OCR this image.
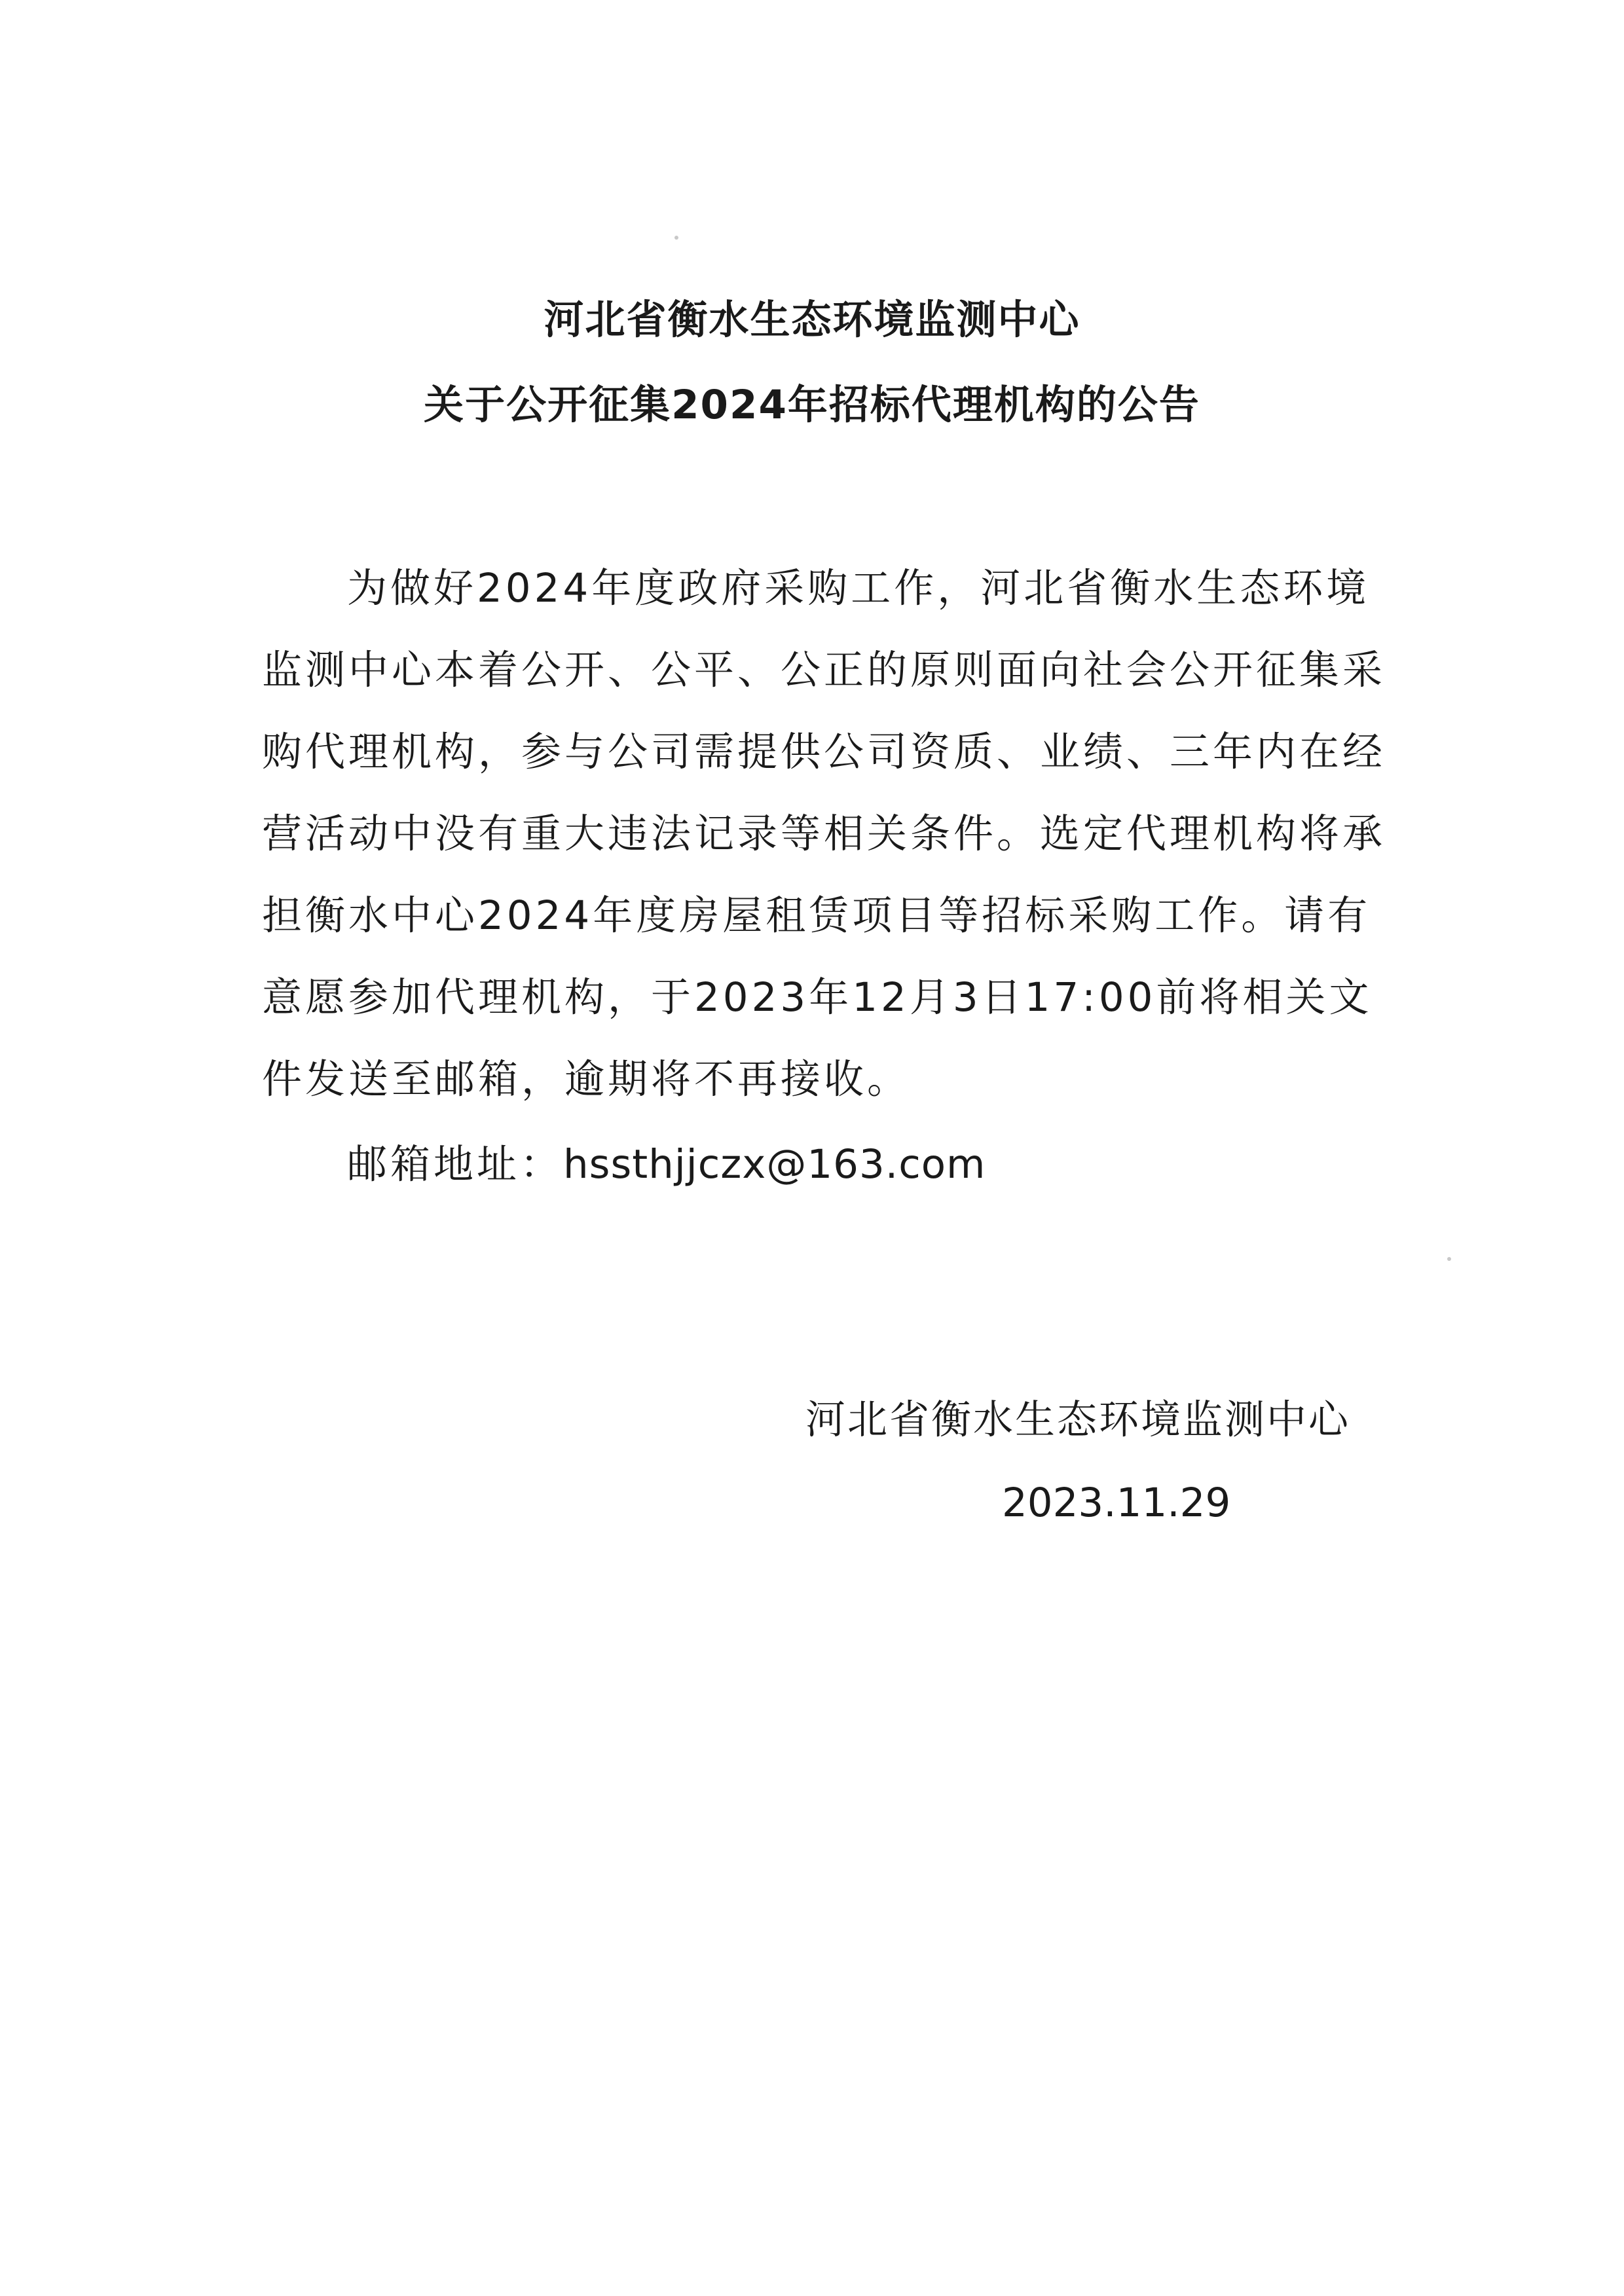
河北省衡水生态环境监测中心
关于公开征集2024年招标代理机构的公告
为做好2024年度政府采购工作，河北省衡水生态环境
监测中心本着公开、公平、公正的原则面向社会公开征集采
购代理机构，参与公司需提供公司资质、业绩、三年内在经
营活动中没有重大违法记录等相关条件。选定代理机构将承
担衡水中心2024年度房屋租赁项目等招标采购工作。请有
意愿参加代理机构，于2023年12月3日17:00前将相关文
件发送至邮箱，逾期将不再接收。
邮箱地址：hssthjjczx@163.com
河北省衡水生态环境监测中心
2023.11.29
